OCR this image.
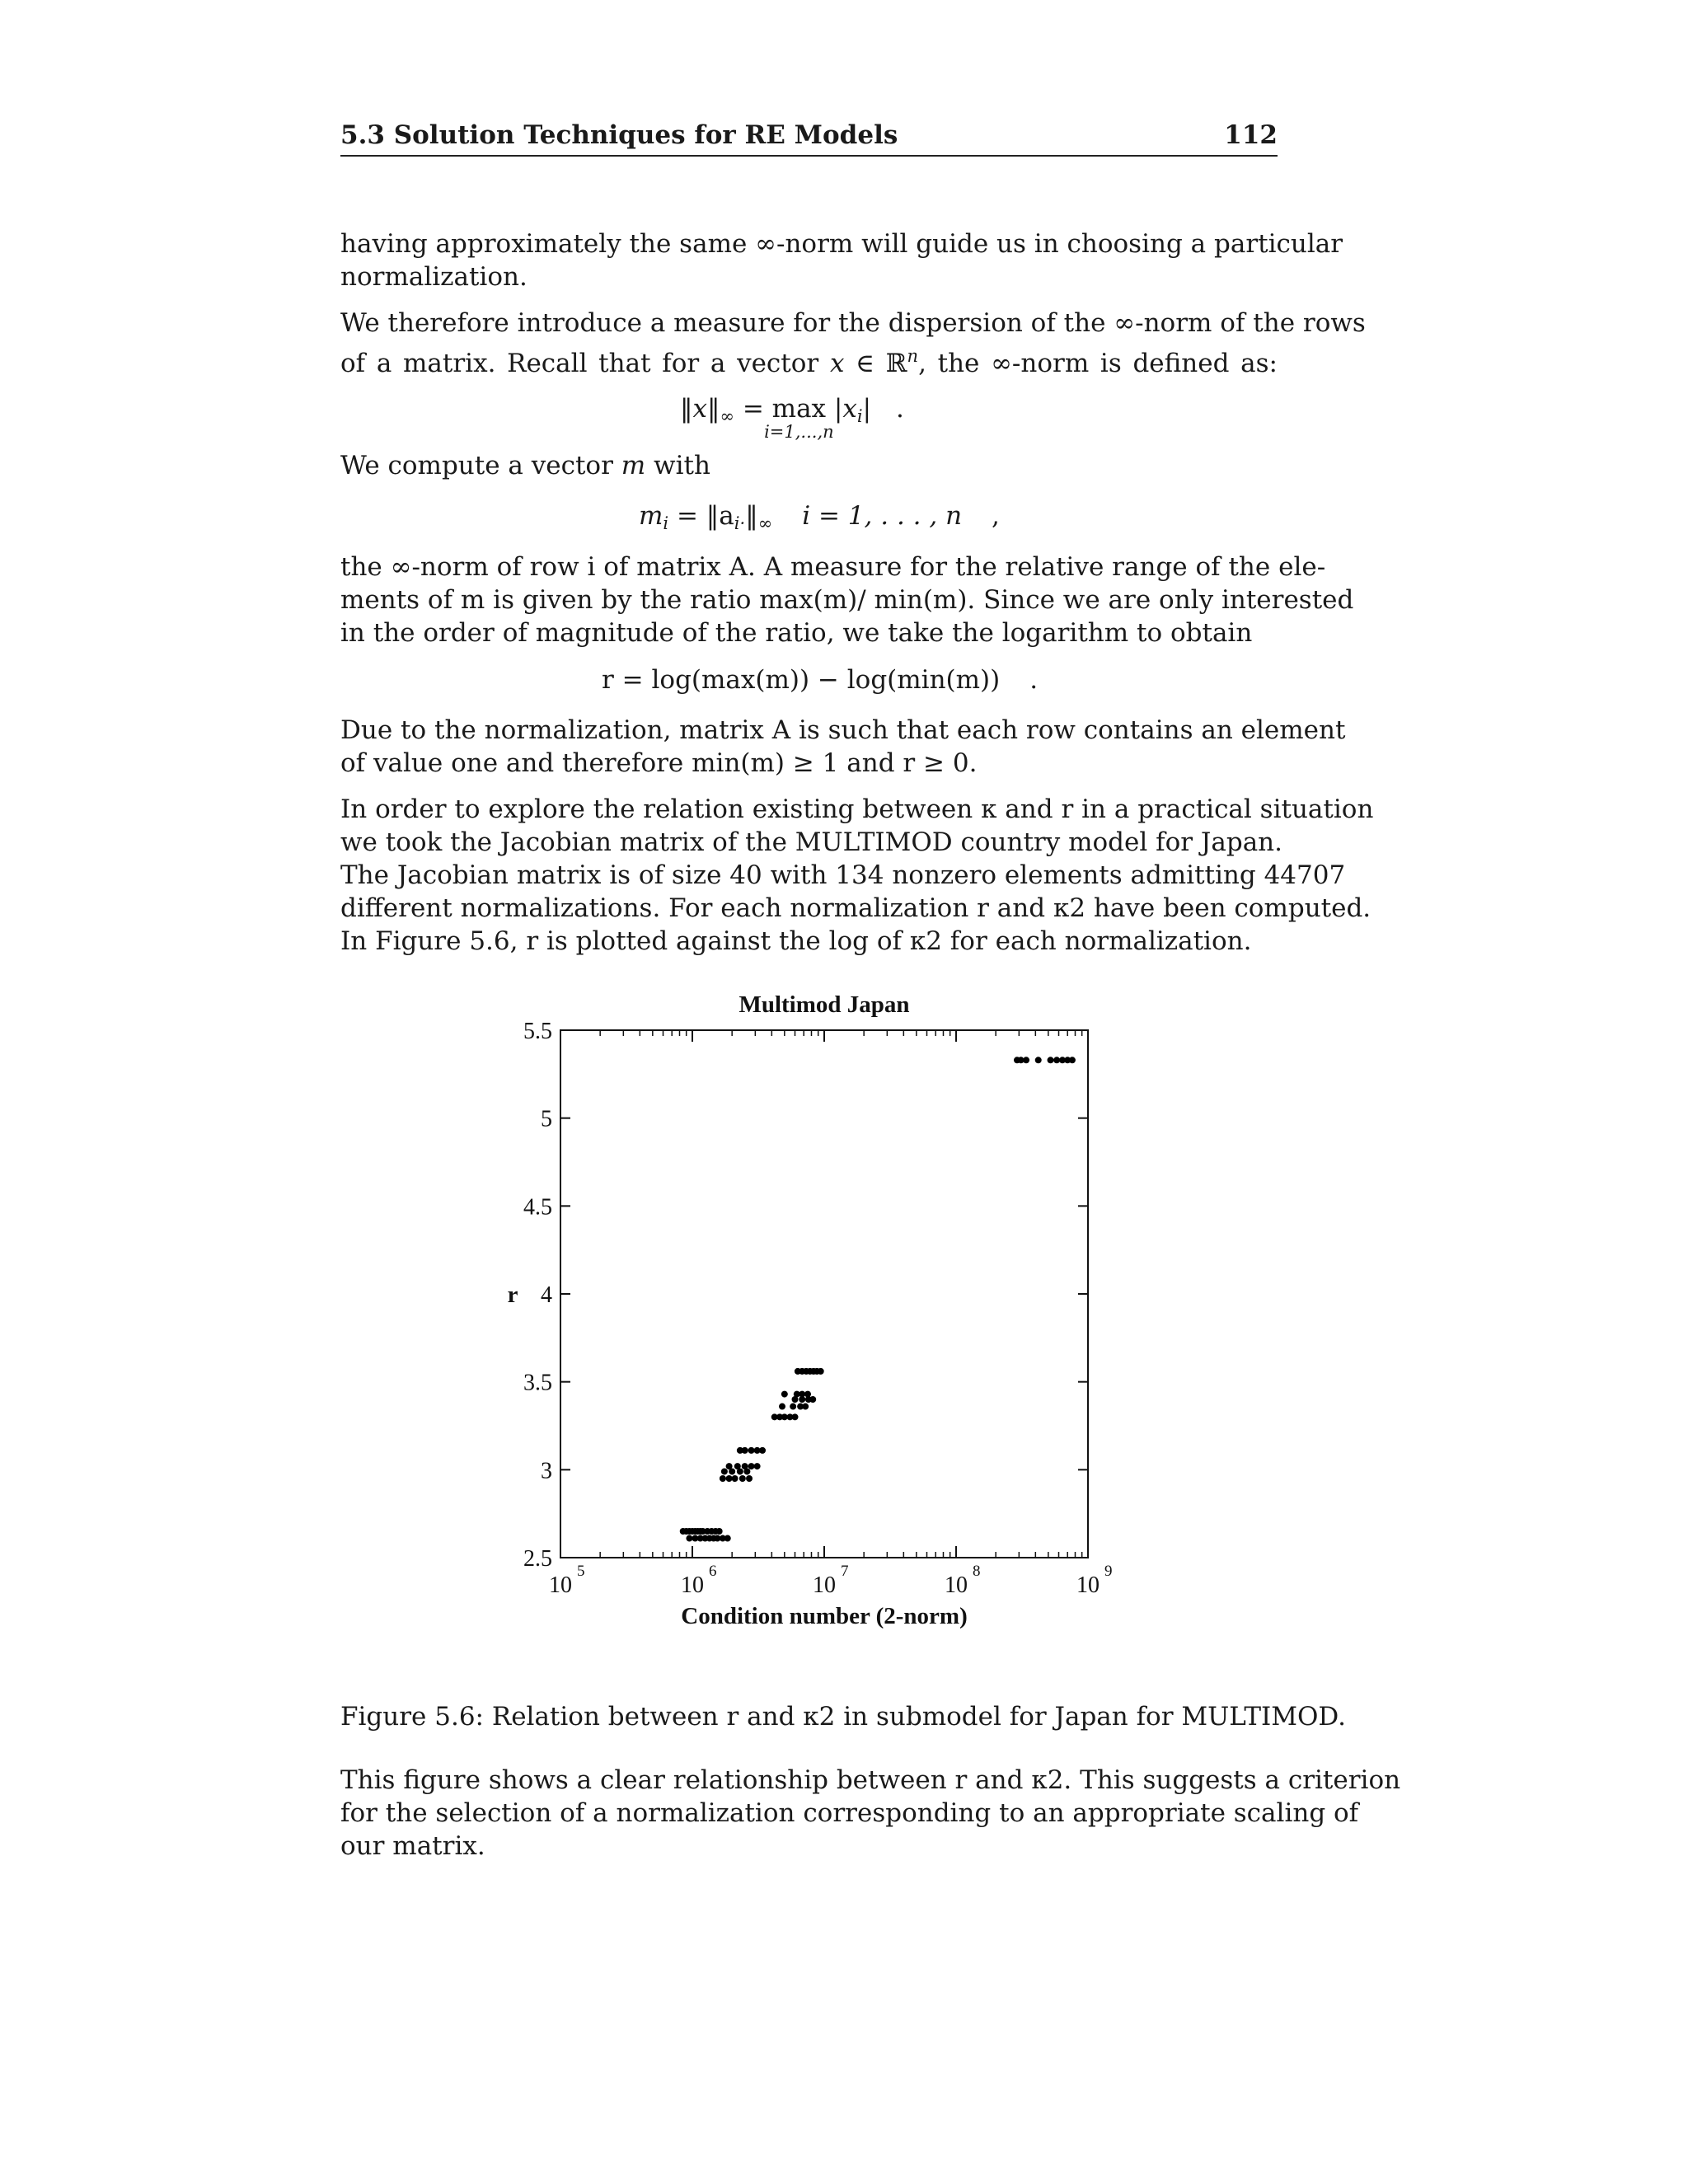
5.3 Solution Techniques for RE Models	112
having approximately the same ∞-norm will guide us in choosing a particular
normalization.
We therefore introduce a measure for the dispersion of the ∞-norm of the rows
of a matrix. Recall that for a vector x ∈ ℝ$^n$, the ∞-norm is defined as:
$‖x‖_\infty = \max$
i=1,...,n
$|x_i|$ .
We compute a vector m with
$m_i$ = $‖a_{i\cdot}‖_\infty$ i = 1, . . . , n ,
the ∞-norm of row i of matrix A. A measure for the relative range of the ele-
ments of m is given by the ratio max(m)/ min(m). Since we are only interested
in the order of magnitude of the ratio, we take the logarithm to obtain
r = log(max(m)) − log(min(m)) .
Due to the normalization, matrix A is such that each row contains an element
of value one and therefore min(m) ≥ 1 and r ≥ 0.
In order to explore the relation existing between κ and r in a practical situation
we took the Jacobian matrix of the MULTIMOD country model for Japan.
The Jacobian matrix is of size 40 with 134 nonzero elements admitting 44707
different normalizations. For each normalization r and κ2 have been computed.
In Figure 5.6, r is plotted against the log of κ2 for each normalization.
Multimod Japan
2.5
3
3.5
4
4.5
5
5.5
10
5
10
6
10
7
10
8
10
9
Condition number (2-norm)
r
Figure 5.6: Relation between r and κ2 in submodel for Japan for MULTIMOD.
This figure shows a clear relationship between r and κ2. This suggests a criterion
for the selection of a normalization corresponding to an appropriate scaling of
our matrix.
